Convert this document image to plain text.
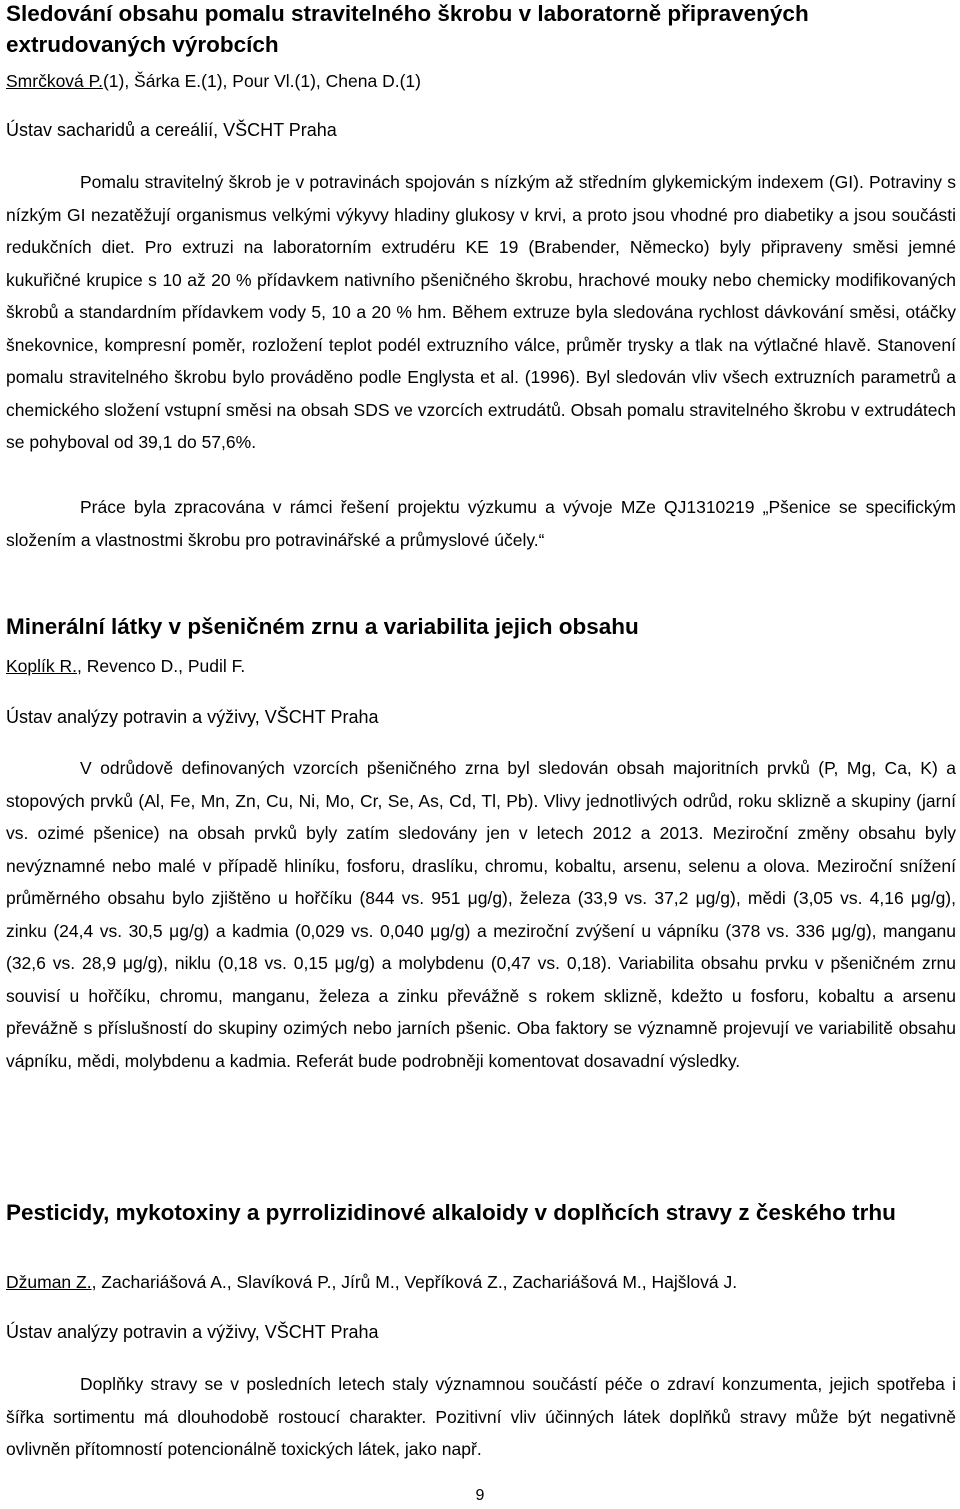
Sledování obsahu pomalu stravitelného škrobu v laboratorně připravených extrudovaných výrobcích
Smrčková P.(1), Šárka E.(1), Pour Vl.(1), Chena D.(1)
Ústav sacharidů a cereálií, VŠCHT Praha

Pomalu stravitelný škrob je v potravinách spojován s nízkým až středním glykemickým indexem (GI). Potraviny s nízkým GI nezatěžují organismus velkými výkyvy hladiny glukosy v krvi, a proto jsou vhodné pro diabetiky a jsou součásti redukčních diet. Pro extruzi na laboratorním extrudéru KE 19 (Brabender, Německo) byly připraveny směsi jemné kukuřičné krupice s 10 až 20 % přídavkem nativního pšeničného škrobu, hrachové mouky nebo chemicky modifikovaných škrobů a standardním přídavkem vody 5, 10 a 20 % hm. Během extruze byla sledována rychlost dávkování směsi, otáčky šnekovnice, kompresní poměr, rozložení teplot podél extruzního válce, průměr trysky a tlak na výtlačné hlavě. Stanovení pomalu stravitelného škrobu bylo prováděno podle Englysta et al. (1996). Byl sledován vliv všech extruzních parametrů a chemického složení vstupní směsi na obsah SDS ve vzorcích extrudátů. Obsah pomalu stravitelného škrobu v extrudátech se pohyboval od 39,1 do 57,6%.

Práce byla zpracována v rámci řešení projektu výzkumu a vývoje MZe QJ1310219 „Pšenice se specifickým složením a vlastnostmi škrobu pro potravinářské a průmyslové účely.“

Minerální látky v pšeničném zrnu a variabilita jejich obsahu
Koplík R., Revenco D., Pudil F.
Ústav analýzy potravin a výživy, VŠCHT Praha

V odrůdově definovaných vzorcích pšeničného zrna byl sledován obsah majoritních prvků (P, Mg, Ca, K) a stopových prvků (Al, Fe, Mn, Zn, Cu, Ni, Mo, Cr, Se, As, Cd, Tl, Pb). Vlivy jednotlivých odrůd, roku sklizně a skupiny (jarní vs. ozimé pšenice) na obsah prvků byly zatím sledovány jen v letech 2012 a 2013. Meziroční změny obsahu byly nevýznamné nebo malé v případě hliníku, fosforu, draslíku, chromu, kobaltu, arsenu, selenu a olova. Meziroční snížení průměrného obsahu bylo zjištěno u hořčíku (844 vs. 951 μg/g), železa (33,9 vs. 37,2 μg/g), mědi (3,05 vs. 4,16 μg/g), zinku (24,4 vs. 30,5 μg/g) a kadmia (0,029 vs. 0,040 μg/g) a meziroční zvýšení u vápníku (378 vs. 336 μg/g), manganu (32,6 vs. 28,9 μg/g), niklu (0,18 vs. 0,15 μg/g) a molybdenu (0,47 vs. 0,18). Variabilita obsahu prvku v pšeničném zrnu souvisí u hořčíku, chromu, manganu, železa a zinku převážně s rokem sklizně, kdežto u fosforu, kobaltu a arsenu převážně s příslušností do skupiny ozimých nebo jarních pšenic. Oba faktory se významně projevují ve variabilitě obsahu vápníku, mědi, molybdenu a kadmia. Referát bude podrobněji komentovat dosavadní výsledky.

Pesticidy, mykotoxiny a pyrrolizidinové alkaloidy v doplňcích stravy z českého trhu
Džuman Z., Zachariášová A., Slavíková P., Jírů M., Vepříková Z., Zachariášová M., Hajšlová J.
Ústav analýzy potravin a výživy, VŠCHT Praha

Doplňky stravy se v posledních letech staly významnou součástí péče o zdraví konzumenta, jejich spotřeba i šířka sortimentu má dlouhodobě rostoucí charakter. Pozitivní vliv účinných látek doplňků stravy může být negativně ovlivněn přítomností potencionálně toxických látek, jako např.

9
